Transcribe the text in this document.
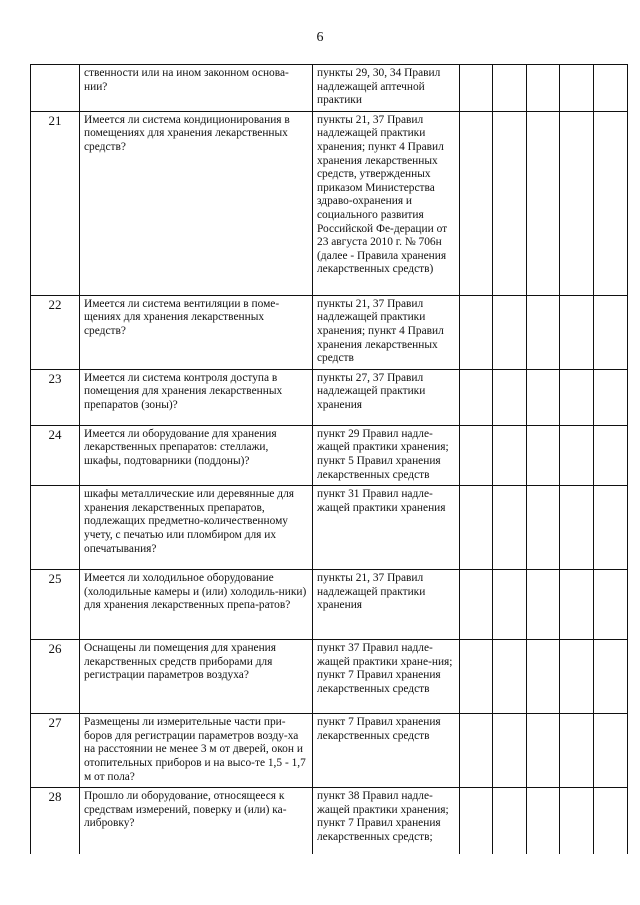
6
	ственности или на ином законном основа-нии?	пункты 29, 30, 34 Правил надлежащей аптечной практики					
21	Имеется ли система кондиционирования в помещениях для хранения лекарственных средств?	пункты 21, 37 Правил надлежащей практики хранения; пункт 4 Правил хранения лекарственных средств, утвержденных приказом Министерства здраво-охранения и социального развития Российской Фе-дерации от 23 августа 2010 г. № 706н (далее - Правила хранения лекарственных средств)					
22	Имеется ли система вентиляции в поме-щениях для хранения лекарственных средств?	пункты 21, 37 Правил надлежащей практики хранения; пункт 4 Правил хранения лекарственных средств					
23	Имеется ли система контроля доступа в помещения для хранения лекарственных препаратов (зоны)?	пункты 27, 37 Правил надлежащей практики хранения					
24	Имеется ли оборудование для хранения лекарственных препаратов: стеллажи, шкафы, подтоварники (поддоны)?	пункт 29 Правил надле-жащей практики хранения; пункт 5 Правил хранения лекарственных средств					
	шкафы металлические или деревянные для хранения лекарственных препаратов, подлежащих предметно-количественному учету, с печатью или пломбиром для их опечатывания?	пункт 31 Правил надле-жащей практики хранения					
25	Имеется ли холодильное оборудование (холодильные камеры и (или) холодиль-ники) для хранения лекарственных препа-ратов?	пункты 21, 37 Правил надлежащей практики хранения					
26	Оснащены ли помещения для хранения лекарственных средств приборами для регистрации параметров воздуха?	пункт 37 Правил надле-жащей практики хране-ния; пункт 7 Правил хранения лекарственных средств					
27	Размещены ли измерительные части при-боров для регистрации параметров возду-ха на расстоянии не менее 3 м от дверей, окон и отопительных приборов и на высо-те 1,5 - 1,7 м от пола?	пункт 7 Правил хранения лекарственных средств					
28	Прошло ли оборудование, относящееся к средствам измерений, поверку и (или) ка-либровку?	пункт 38 Правил надле-жащей практики хранения; пункт 7 Правил хранения лекарственных средств;					
